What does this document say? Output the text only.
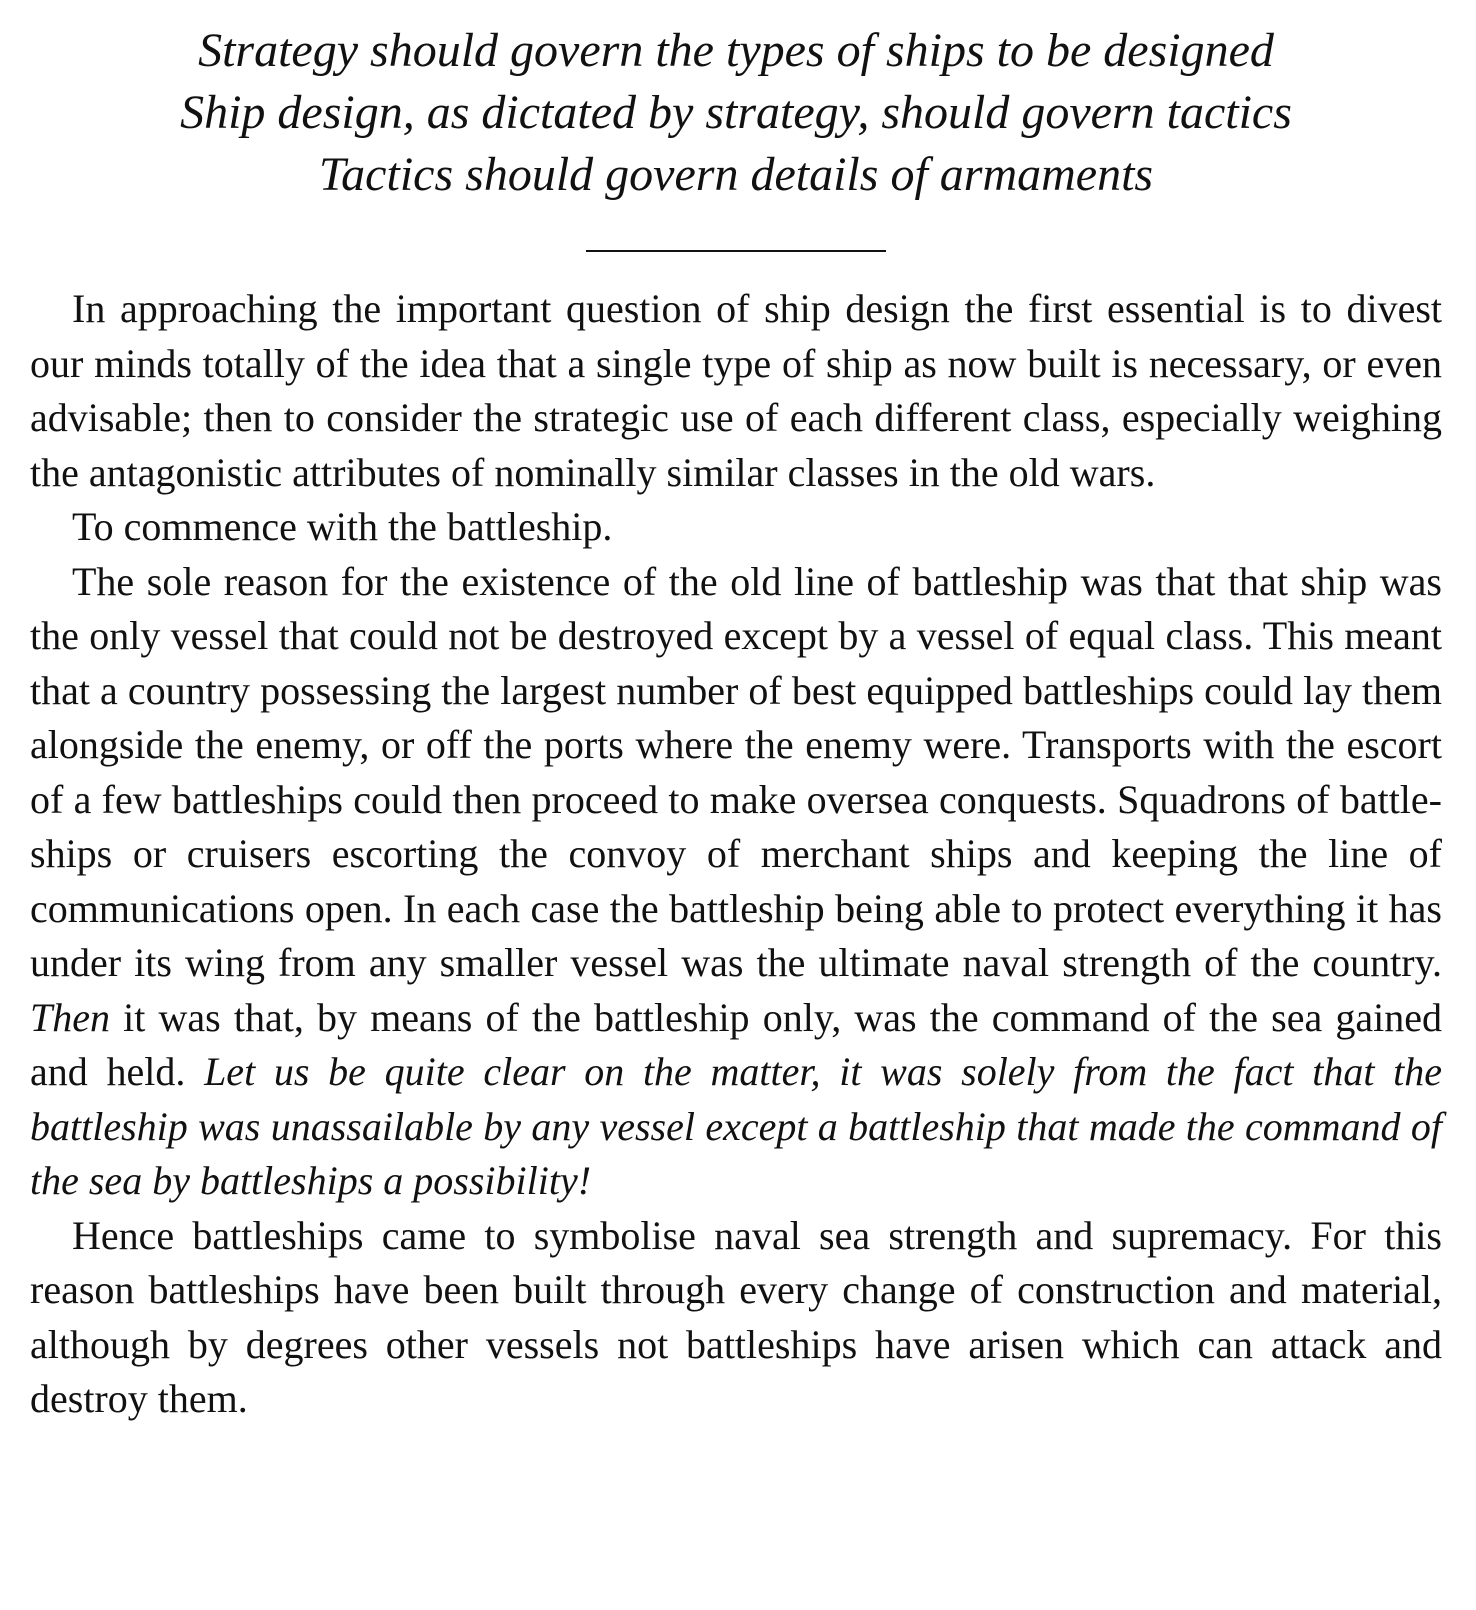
Strategy should govern the types of ships to be designed
Ship design, as dictated by strategy, should govern tactics
Tactics should govern details of armaments

In approaching the important question of ship design the first essential is to divest our minds totally of the idea that a single type of ship as now built is necessary, or even advisable; then to consider the strategic use of each different class, especially weighing the antagonistic attributes of nominally similar classes in the old wars.

To commence with the battleship.

The sole reason for the existence of the old line of battleship was that that ship was the only vessel that could not be destroyed except by a vessel of equal class. This meant that a country possessing the largest number of best equipped battleships could lay them alongside the enemy, or off the ports where the enemy were. Transports with the escort of a few battleships could then proceed to make oversea conquests. Squadrons of battleships or cruisers escorting the convoy of merchant ships and keeping the line of communications open. In each case the battleship being able to protect everything it has under its wing from any smaller vessel was the ultimate naval strength of the country. Then it was that, by means of the battleship only, was the command of the sea gained and held. Let us be quite clear on the matter, it was solely from the fact that the battleship was unassailable by any vessel except a battleship that made the command of the sea by battleships a possibility!

Hence battleships came to symbolise naval sea strength and supremacy. For this reason battleships have been built through every change of construction and material, although by degrees other vessels not battleships have arisen which can attack and destroy them.
